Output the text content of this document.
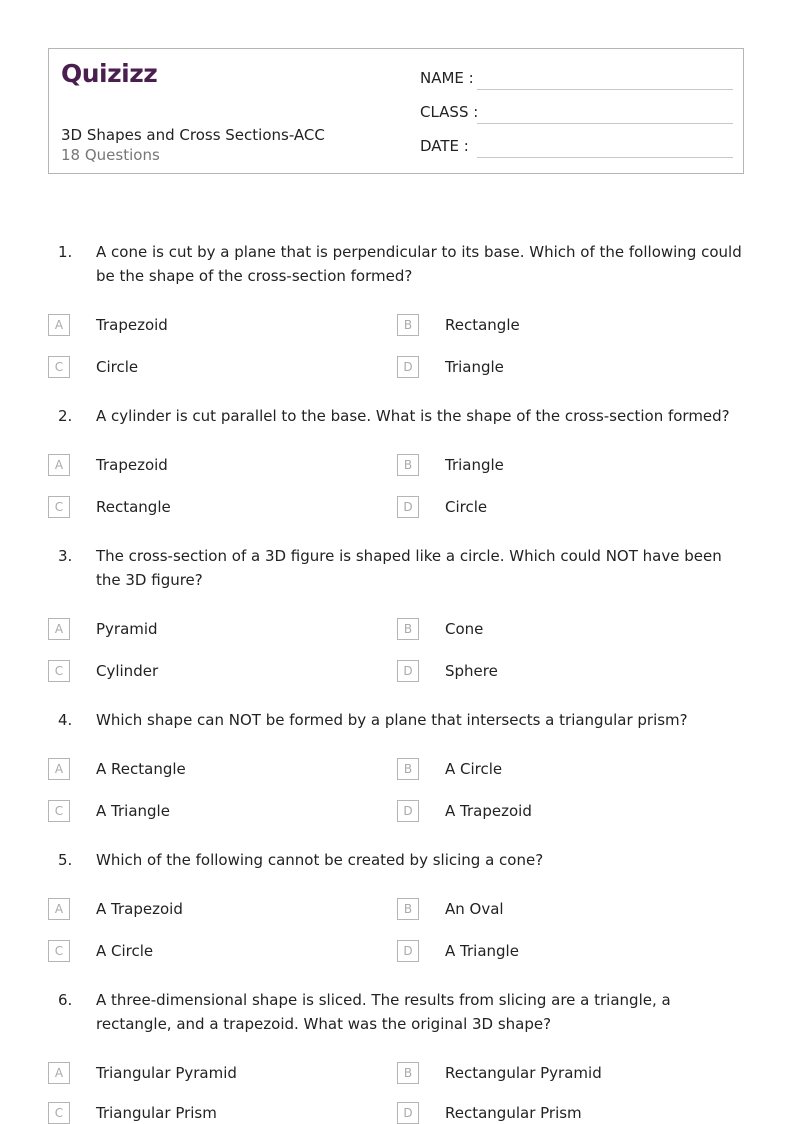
Quizizz
3D Shapes and Cross Sections-ACC
18 Questions
NAME :
CLASS :
DATE :
1. A cone is cut by a plane that is perpendicular to its base. Which of the following could be the shape of the cross-section formed?
A	Trapezoid	B	Rectangle
C	Circle	D	Triangle
2. A cylinder is cut parallel to the base. What is the shape of the cross-section formed?
A	Trapezoid	B	Triangle
C	Rectangle	D	Circle
3. The cross-section of a 3D figure is shaped like a circle. Which could NOT have been the 3D figure?
A	Pyramid	B	Cone
C	Cylinder	D	Sphere
4. Which shape can NOT be formed by a plane that intersects a triangular prism?
A	A Rectangle	B	A Circle
C	A Triangle	D	A Trapezoid
5. Which of the following cannot be created by slicing a cone?
A	A Trapezoid	B	An Oval
C	A Circle	D	A Triangle
6. A three-dimensional shape is sliced. The results from slicing are a triangle, a rectangle, and a trapezoid. What was the original 3D shape?
A	Triangular Pyramid	B	Rectangular Pyramid
C	Triangular Prism	D	Rectangular Prism
